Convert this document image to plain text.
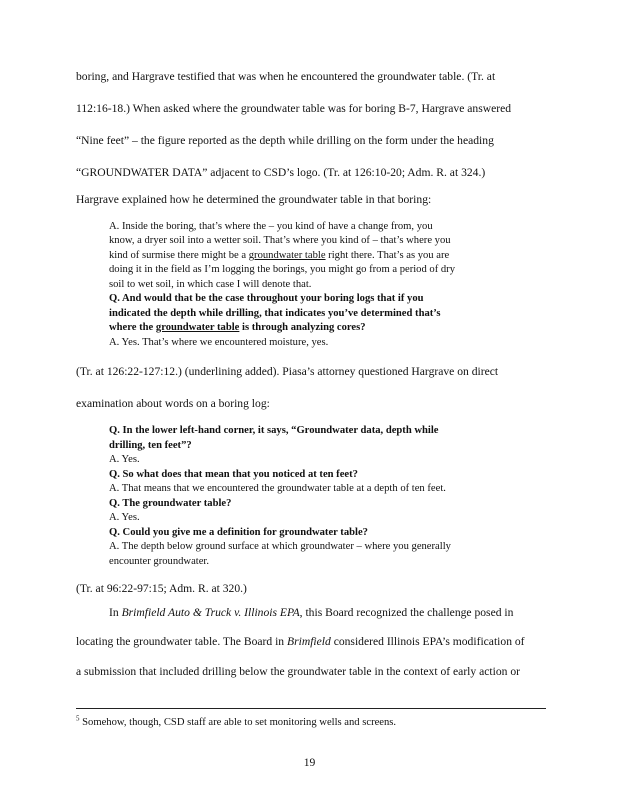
boring, and Hargrave testified that was when he encountered the groundwater table. (Tr. at
112:16-18.) When asked where the groundwater table was for boring B-7, Hargrave answered
“Nine feet” – the figure reported as the depth while drilling on the form under the heading
“GROUNDWATER DATA” adjacent to CSD’s logo. (Tr. at 126:10-20; Adm. R. at 324.)
Hargrave explained how he determined the groundwater table in that boring:
A. Inside the boring, that’s where the – you kind of have a change from, you
know, a dryer soil into a wetter soil. That’s where you kind of – that’s where you
kind of surmise there might be a groundwater table right there. That’s as you are
doing it in the field as I’m logging the borings, you might go from a period of dry
soil to wet soil, in which case I will denote that.
Q. And would that be the case throughout your boring logs that if you
indicated the depth while drilling, that indicates you’ve determined that’s
where the groundwater table is through analyzing cores?
A. Yes. That’s where we encountered moisture, yes.
(Tr. at 126:22-127:12.) (underlining added). Piasa’s attorney questioned Hargrave on direct
examination about words on a boring log:
Q. In the lower left-hand corner, it says, “Groundwater data, depth while
drilling, ten feet”?
A. Yes.
Q. So what does that mean that you noticed at ten feet?
A. That means that we encountered the groundwater table at a depth of ten feet.
Q. The groundwater table?
A. Yes.
Q. Could you give me a definition for groundwater table?
A. The depth below ground surface at which groundwater – where you generally
encounter groundwater.
(Tr. at 96:22-97:15; Adm. R. at 320.)
In Brimfield Auto & Truck v. Illinois EPA, this Board recognized the challenge posed in
locating the groundwater table. The Board in Brimfield considered Illinois EPA’s modification of
a submission that included drilling below the groundwater table in the context of early action or
$^5$ Somehow, though, CSD staff are able to set monitoring wells and screens.
19
